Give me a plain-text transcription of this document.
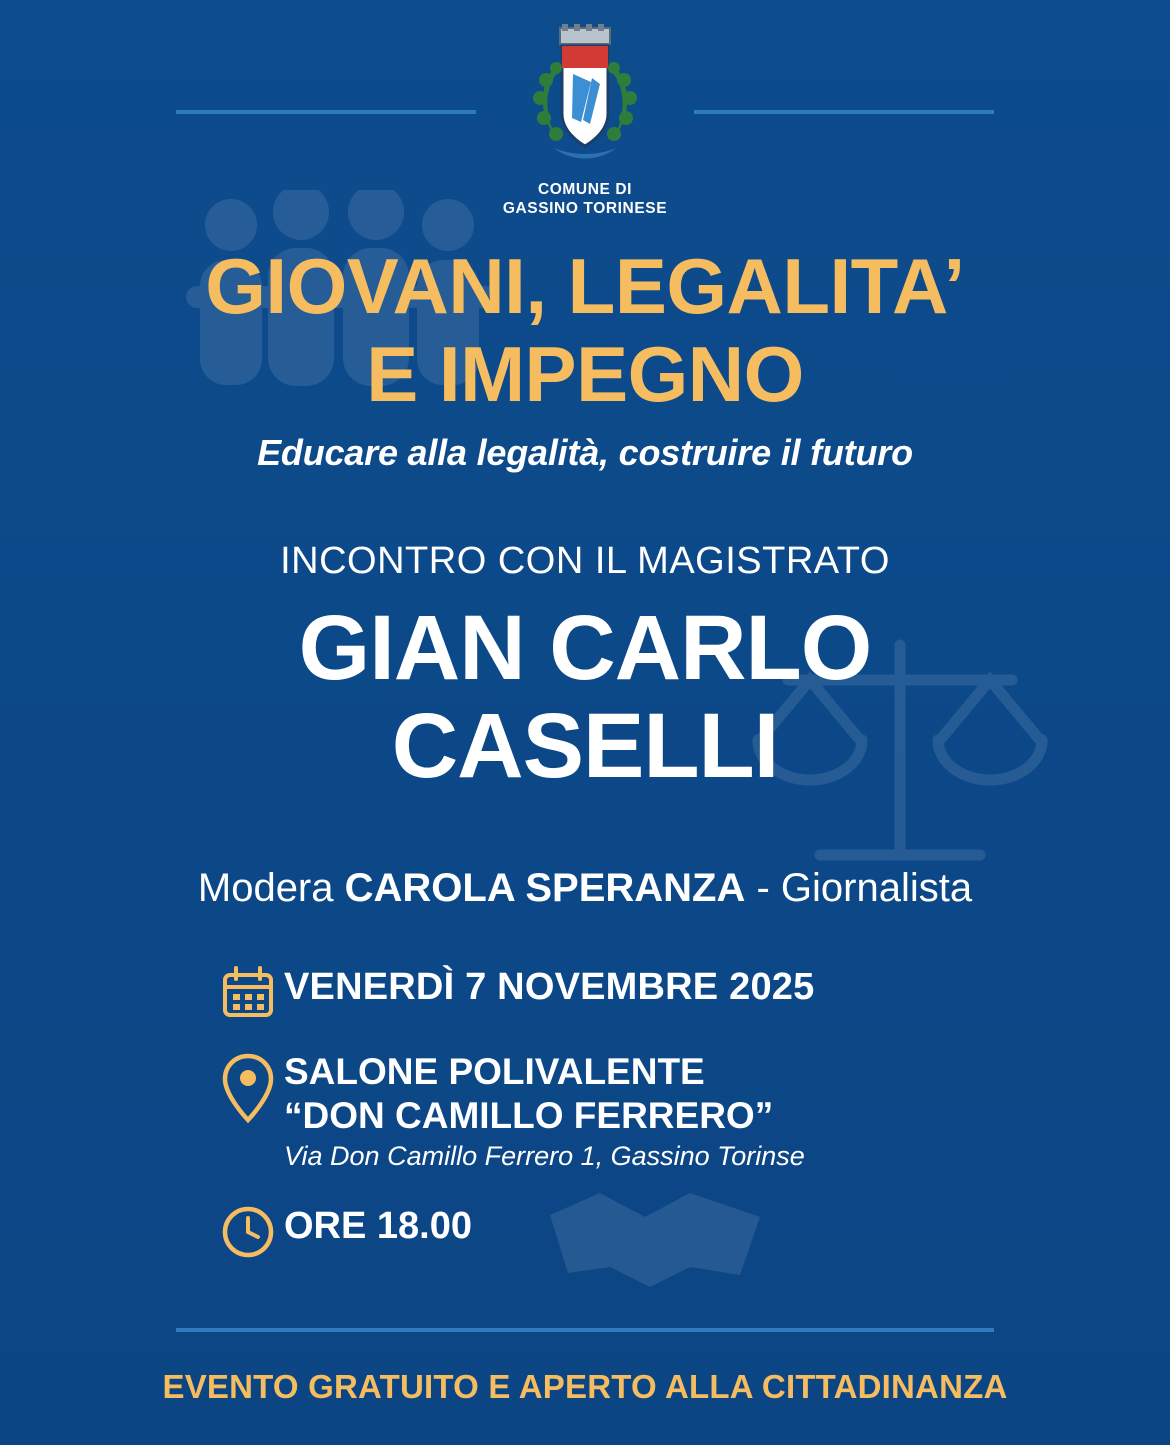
COMUNE DI
GASSINO TORINESE
GIOVANI, LEGALITA’
E IMPEGNO
Educare alla legalità, costruire il futuro
INCONTRO CON IL MAGISTRATO
GIAN CARLO
CASELLI
Modera CAROLA SPERANZA - Giornalista
VENERDÌ 7 NOVEMBRE 2025
SALONE POLIVALENTE
“DON CAMILLO FERRERO”
Via Don Camillo Ferrero 1, Gassino Torinse
ORE 18.00
EVENTO GRATUITO E APERTO ALLA CITTADINANZA
